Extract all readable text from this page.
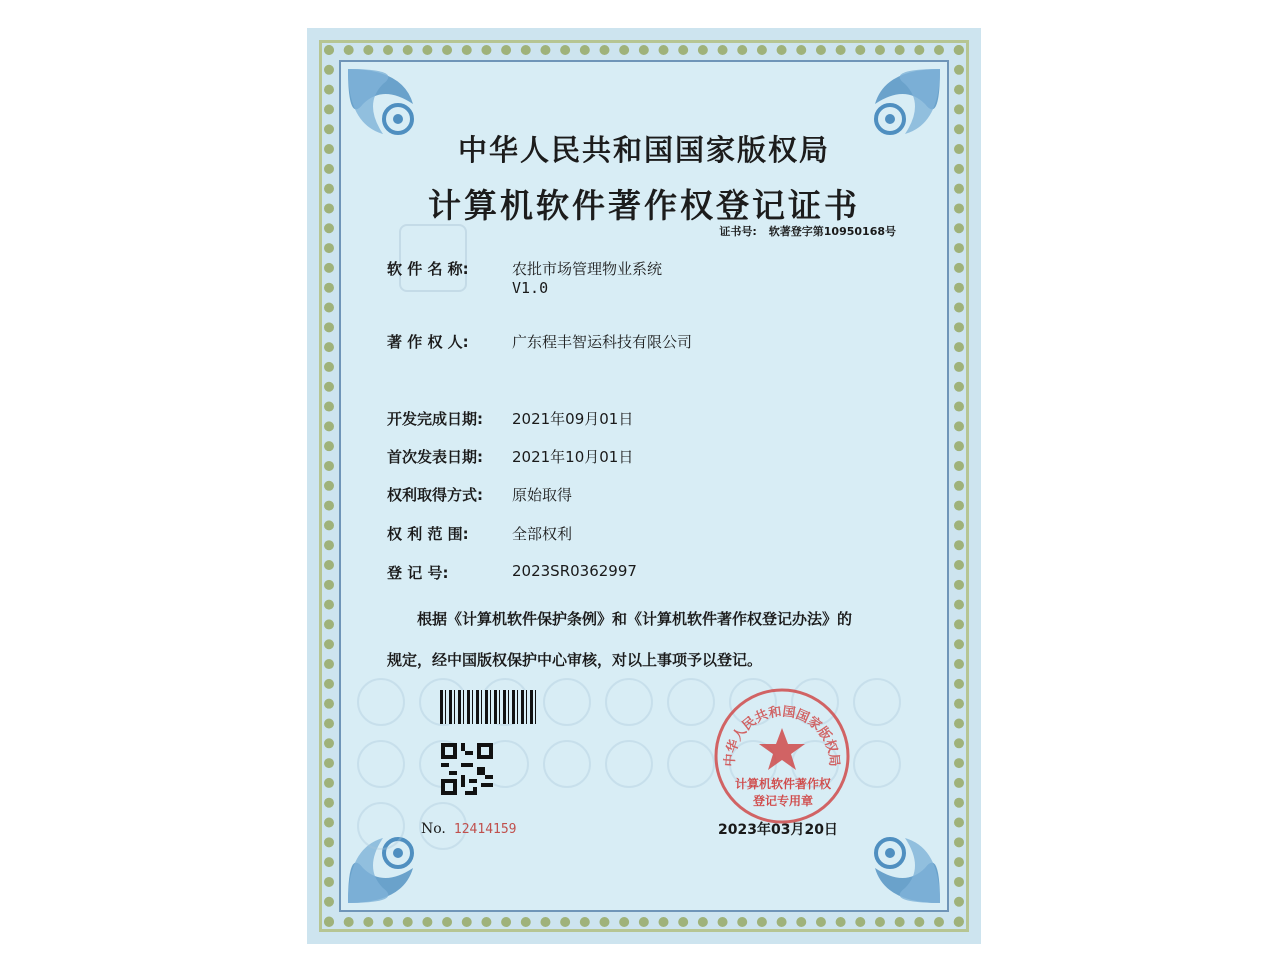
中华人民共和国国家版权局
计算机软件著作权登记证书
证书号: 软著登字第10950168号
软 件 名 称:	农批市场管理物业系统
V1.0
著 作 权 人:	广东程丰智运科技有限公司
开发完成日期: 2021年09月01日
首次发表日期: 2021年10月01日
权利取得方式: 原始取得
权 利 范 围:	全部权利
登 记 号:	2023SR0362997
根据《计算机软件保护条例》和《计算机软件著作权登记办法》的
规定，经中国版权保护中心审核，对以上事项予以登记。
No. 12414159
中华人民共和国国家版权局
计算机软件著作权
登记专用章
2023年03月20日
